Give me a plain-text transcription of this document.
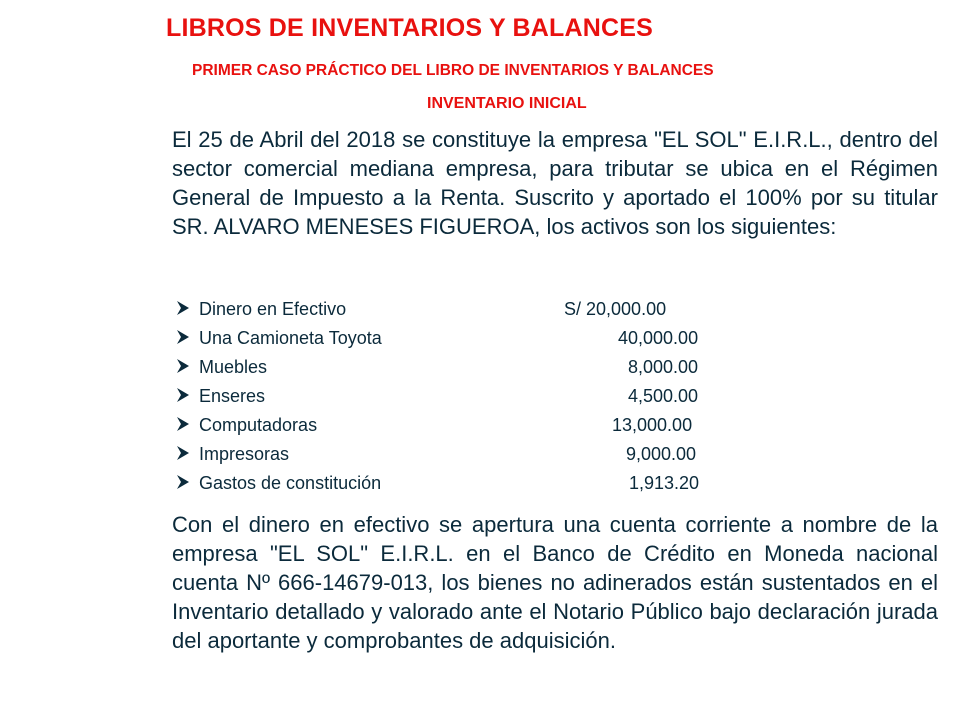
LIBROS DE INVENTARIOS Y BALANCES
PRIMER CASO PRÁCTICO DEL LIBRO DE INVENTARIOS Y BALANCES
INVENTARIO INICIAL

El 25 de Abril del 2018 se constituye la empresa "EL SOL" E.I.R.L., dentro del sector comercial mediana empresa, para tributar se ubica en el Régimen General de Impuesto a la Renta. Suscrito y aportado el 100% por su titular SR. ALVARO MENESES FIGUEROA, los activos son los siguientes:

Dinero en Efectivo	S/ 20,000.00
Una Camioneta Toyota	40,000.00
Muebles	8,000.00
Enseres	4,500.00
Computadoras	13,000.00
Impresoras	9,000.00
Gastos de constitución	1,913.20

Con el dinero en efectivo se apertura una cuenta corriente a nombre de la empresa "EL SOL" E.I.R.L. en el Banco de Crédito en Moneda nacional cuenta Nº 666-14679-013, los bienes no adinerados están sustentados en el Inventario detallado y valorado ante el Notario Público bajo declaración jurada del aportante y comprobantes de adquisición.
